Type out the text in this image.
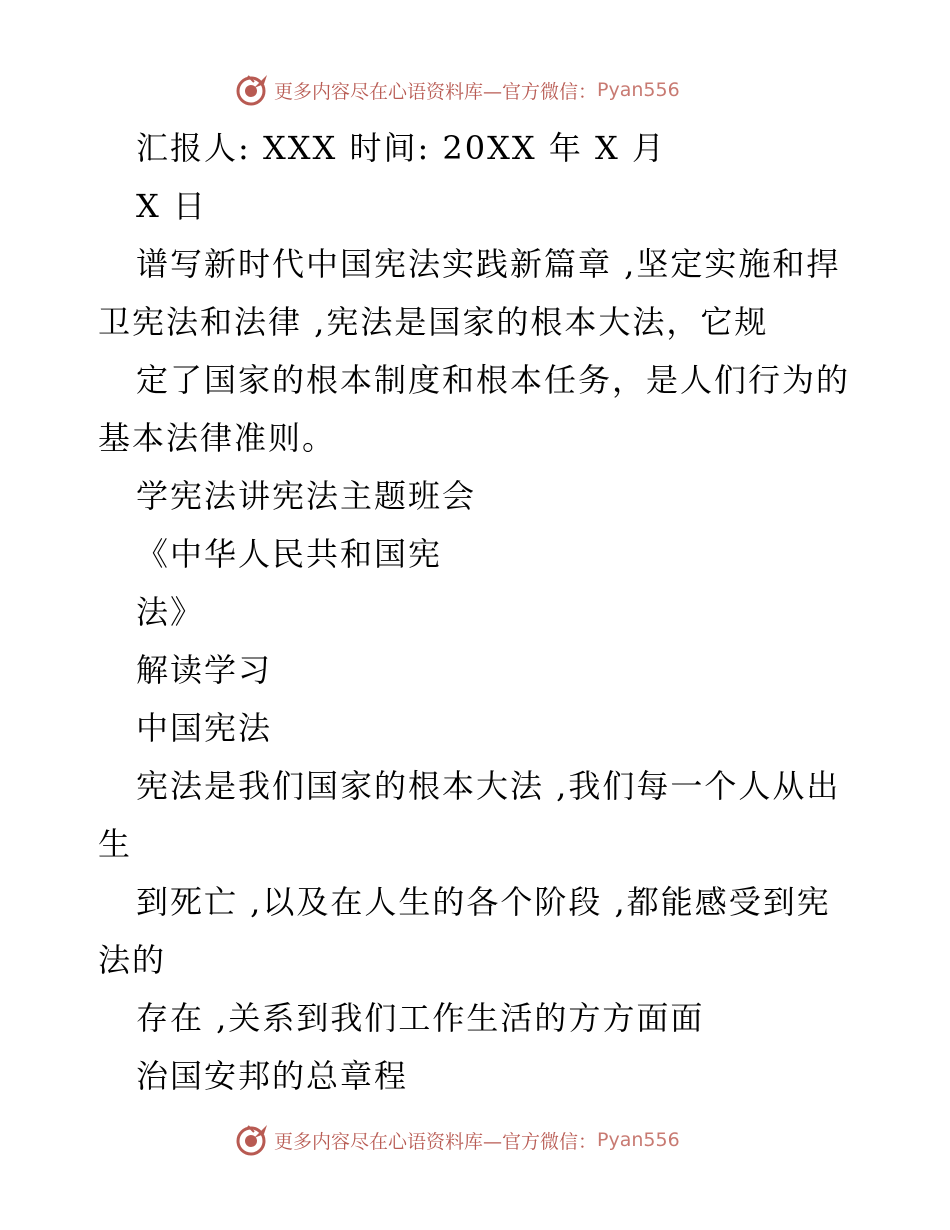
更多内容尽在心语资料库—官方微信： Pyan556
汇报人: XXX 时间: 20XX 年 X 月
X 日
谱写新时代中国宪法实践新篇章 ,坚定实施和捍
卫宪法和法律 ,宪法是国家的根本大法，它规
定了国家的根本制度和根本任务，是人们行为的
基本法律准则。
学宪法讲宪法主题班会
《中华人民共和国宪
法》
解读学习
中国宪法
宪法是我们国家的根本大法 ,我们每一个人从出
生
到死亡 ,以及在人生的各个阶段 ,都能感受到宪
法的
存在 ,关系到我们工作生活的方方面面
治国安邦的总章程
更多内容尽在心语资料库—官方微信： Pyan556
